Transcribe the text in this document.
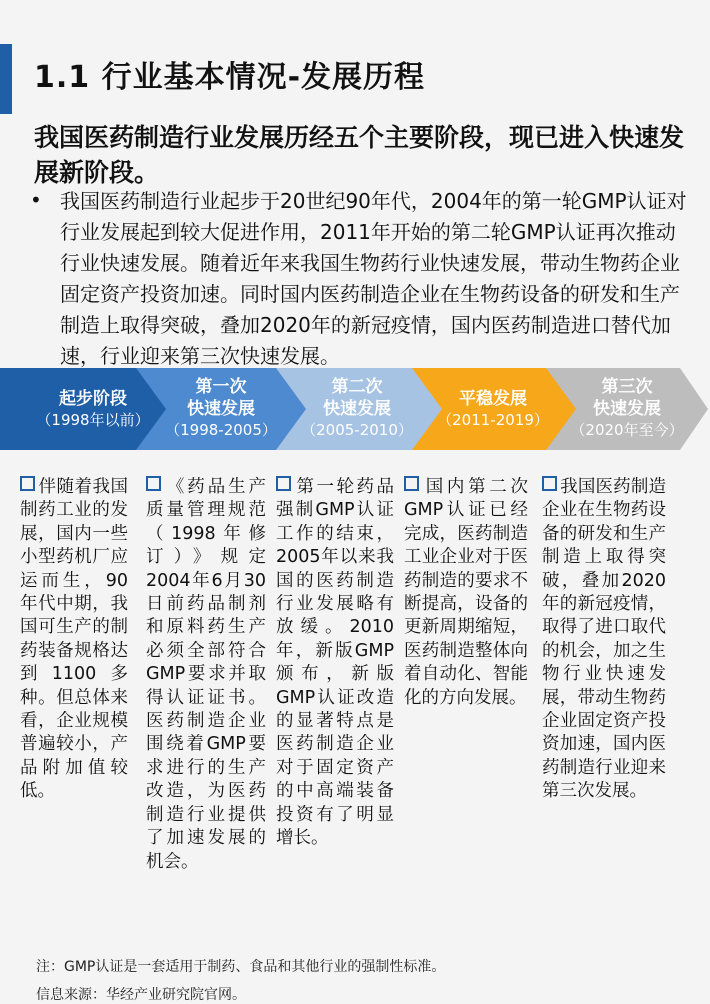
1.1 行业基本情况-发展历程
我国医药制造行业发展历经五个主要阶段，现已进入快速发展新阶段。
• 我国医药制造行业起步于20世纪90年代，2004年的第一轮GMP认证对行业发展起到较大促进作用，2011年开始的第二轮GMP认证再次推动行业快速发展。随着近年来我国生物药行业快速发展，带动生物药企业固定资产投资加速。同时国内医药制造企业在生物药设备的研发和生产制造上取得突破，叠加2020年的新冠疫情，国内医药制造进口替代加速，行业迎来第三次快速发展。
起步阶段
（1998年以前）
第一次
快速发展
（1998-2005）
第二次
快速发展
（2005-2010）
平稳发展
（2011-2019）
第三次
快速发展
（2020年至今）
伴随着我国制药工业的发展，国内一些小型药机厂应运而生，90年代中期，我国可生产的制药装备规格达到1100多种。但总体来看，企业规模普遍较小，产品附加值较低。
《药品生产质量管理规范（1998年修订）》规定2004年6月30日前药品制剂和原料药生产必须全部符合GMP要求并取得认证证书。医药制造企业围绕着GMP要求进行的生产改造，为医药制造行业提供了加速发展的机会。
第一轮药品强制GMP认证工作的结束，2005年以来我国的医药制造行业发展略有放缓。2010年，新版GMP颁布，新版GMP认证改造的显著特点是医药制造企业对于固定资产的中高端装备投资有了明显增长。
国内第二次GMP认证已经完成，医药制造工业企业对于医药制造的要求不断提高，设备的更新周期缩短，医药制造整体向着自动化、智能化的方向发展。
我国医药制造企业在生物药设备的研发和生产制造上取得突破，叠加2020年的新冠疫情，取得了进口取代的机会，加之生物行业快速发展，带动生物药企业固定资产投资加速，国内医药制造行业迎来第三次发展。
注：GMP认证是一套适用于制药、食品和其他行业的强制性标准。
信息来源：华经产业研究院官网。
